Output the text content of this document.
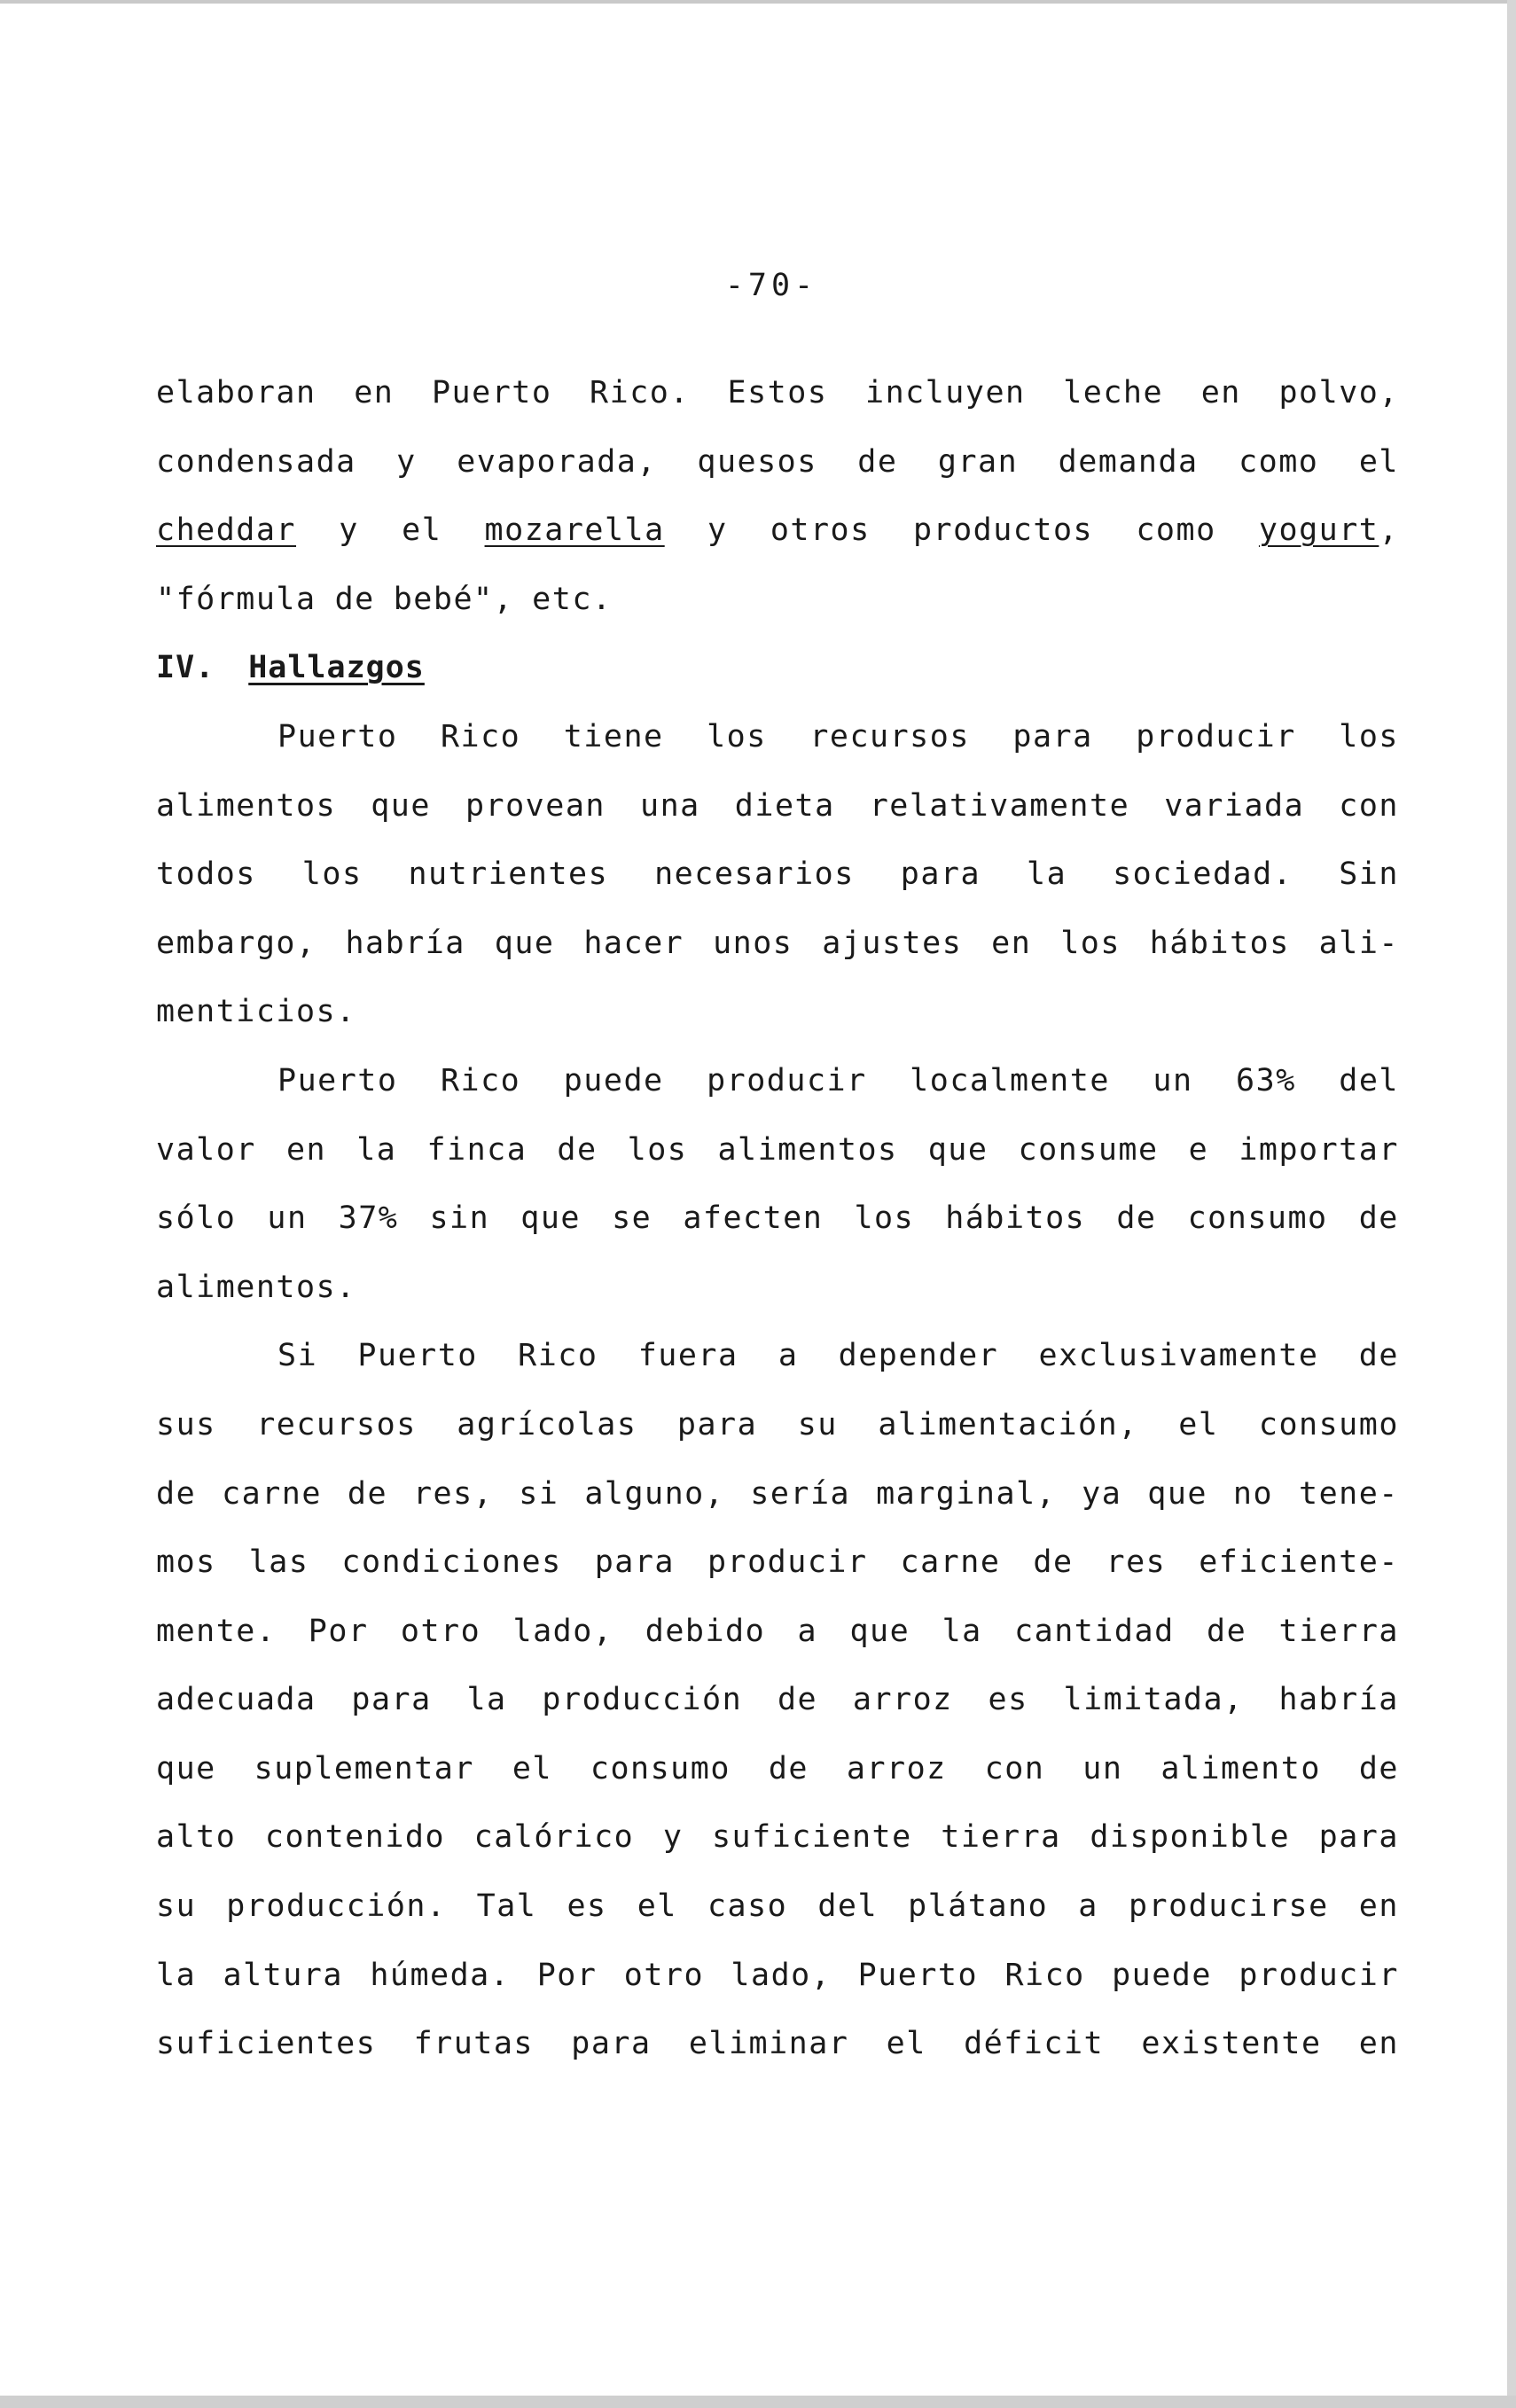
-70-
elaboran en Puerto Rico. Estos incluyen leche en polvo,
condensada y evaporada, quesos de gran demanda como el
cheddar y el mozarella y otros productos como yogurt,
"fórmula de bebé", etc.
IV. Hallazgos
Puerto Rico tiene los recursos para producir los
alimentos que provean una dieta relativamente variada con
todos los nutrientes necesarios para la sociedad. Sin
embargo, habría que hacer unos ajustes en los hábitos ali-
menticios.
Puerto Rico puede producir localmente un 63% del
valor en la finca de los alimentos que consume e importar
sólo un 37% sin que se afecten los hábitos de consumo de
alimentos.
Si Puerto Rico fuera a depender exclusivamente de
sus recursos agrícolas para su alimentación, el consumo
de carne de res, si alguno, sería marginal, ya que no tene-
mos las condiciones para producir carne de res eficiente-
mente. Por otro lado, debido a que la cantidad de tierra
adecuada para la producción de arroz es limitada, habría
que suplementar el consumo de arroz con un alimento de
alto contenido calórico y suficiente tierra disponible para
su producción. Tal es el caso del plátano a producirse en
la altura húmeda. Por otro lado, Puerto Rico puede producir
suficientes frutas para eliminar el déficit existente en
